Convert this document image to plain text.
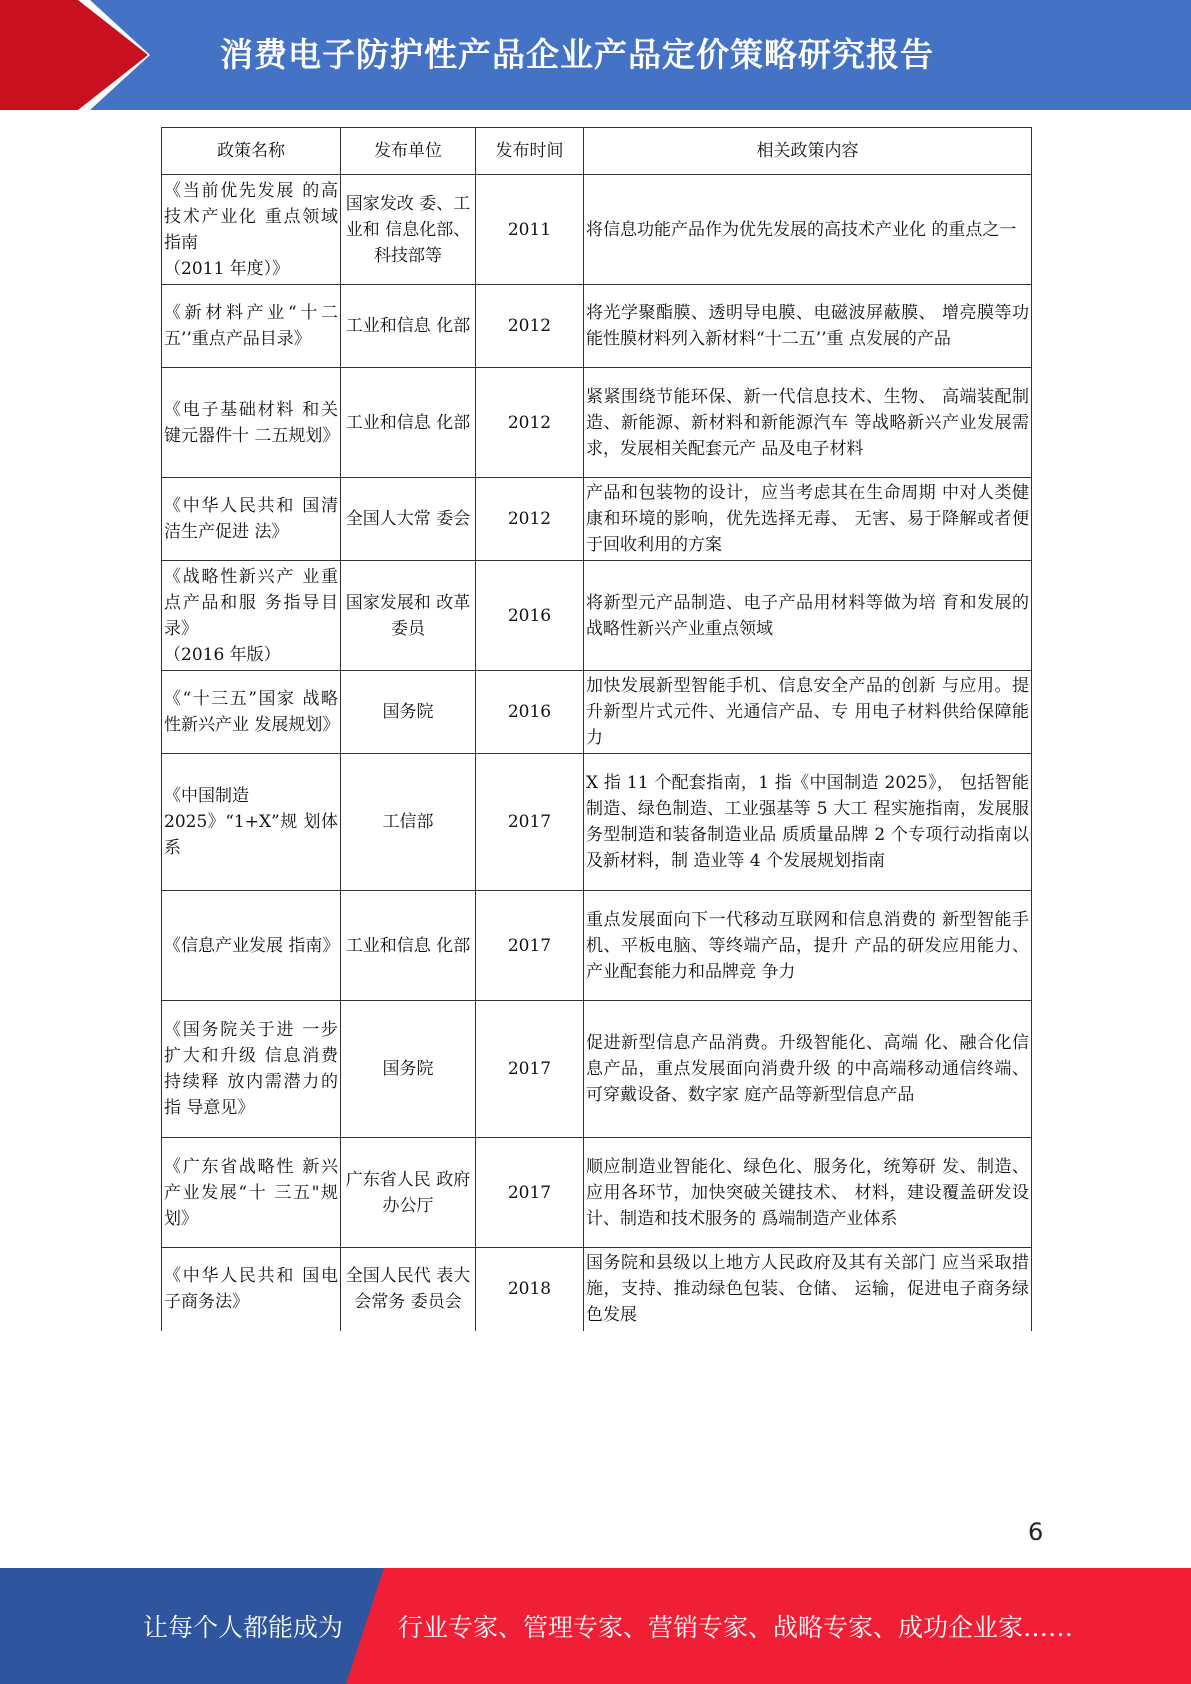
消费电子防护性产品企业产品定价策略研究报告
政策名称	发布单位	发布时间	相关政策内容

《当前优先发展 的高技术产业化 重点领域指南
（2011 年度）》	国家发改 委、工业和 信息化部、
科技部等	2011	将信息功能产品作为优先发展的高技术产业化 的重点之一

《新材料产业“十二五’’重点产品目录》	工业和信息 化部	2012	将光学聚酯膜、透明导电膜、电磁波屏蔽膜、 增亮膜等功能性膜材料列入新材料“十二五’’重 点发展的产品

《电子基础材料 和关键元器件十 二五规划》	工业和信息 化部	2012	紧紧围绕节能环保、新一代信息技术、生物、 高端装配制造、新能源、新材料和新能源汽车 等战略新兴产业发展需求，发展相关配套元产 品及电子材料

《中华人民共和 国清洁生产促进 法》	全国人大常 委会	2012	产品和包装物的设计，应当考虑其在生命周期 中对人类健康和环境的影响，优先选择无毒、 无害、易于降解或者便于回收利用的方案

《战略性新兴产 业重点产品和服 务指导目录》
（2016 年版）	国家发展和 改革委员	2016	将新型元产品制造、电子产品用材料等做为培 育和发展的战略性新兴产业重点领域

《“十三五”国家 战略性新兴产业 发展规划》	国务院	2016	加快发展新型智能手机、信息安全产品的创新 与应用。提升新型片式元件、光通信产品、专 用电子材料供给保障能力

《中国制造
2025》“1+X”规 划体系	工信部	2017	X 指 11 个配套指南，1 指《中国制造 2025》， 包括智能制造、绿色制造、工业强基等 5 大工 程实施指南，发展服务型制造和装备制造业品 质质量品牌 2 个专项行动指南以及新材料，制 造业等 4 个发展规划指南

《信息产业发展 指南》	工业和信息 化部	2017	重点发展面向下一代移动互联网和信息消费的 新型智能手机、平板电脑、等终端产品，提升 产品的研发应用能力、产业配套能力和品牌竞 争力

《国务院关于进 一步扩大和升级 信息消费持续释 放内需潜力的指 导意见》	国务院	2017	促进新型信息产品消费。升级智能化、高端 化、融合化信息产品，重点发展面向消费升级 的中高端移动通信终端、可穿戴设备、数字家 庭产品等新型信息产品

《广东省战略性 新兴产业发展“十 三五"规划》	广东省人民 政府办公厅	2017	顺应制造业智能化、绿色化、服务化，统筹研 发、制造、应用各环节，加快突破关键技术、 材料，建设覆盖研发设计、制造和技术服务的 爲端制造产业体系

《中华人民共和 国电子商务法》	全国人民代 表大会常务 委员会	2018	国务院和县级以上地方人民政府及其有关部门 应当采取措施，支持、推动绿色包装、仓储、 运输，促进电子商务绿色发展
6
让每个人都能成为 行业专家、管理专家、营销专家、战略专家、成功企业家……
